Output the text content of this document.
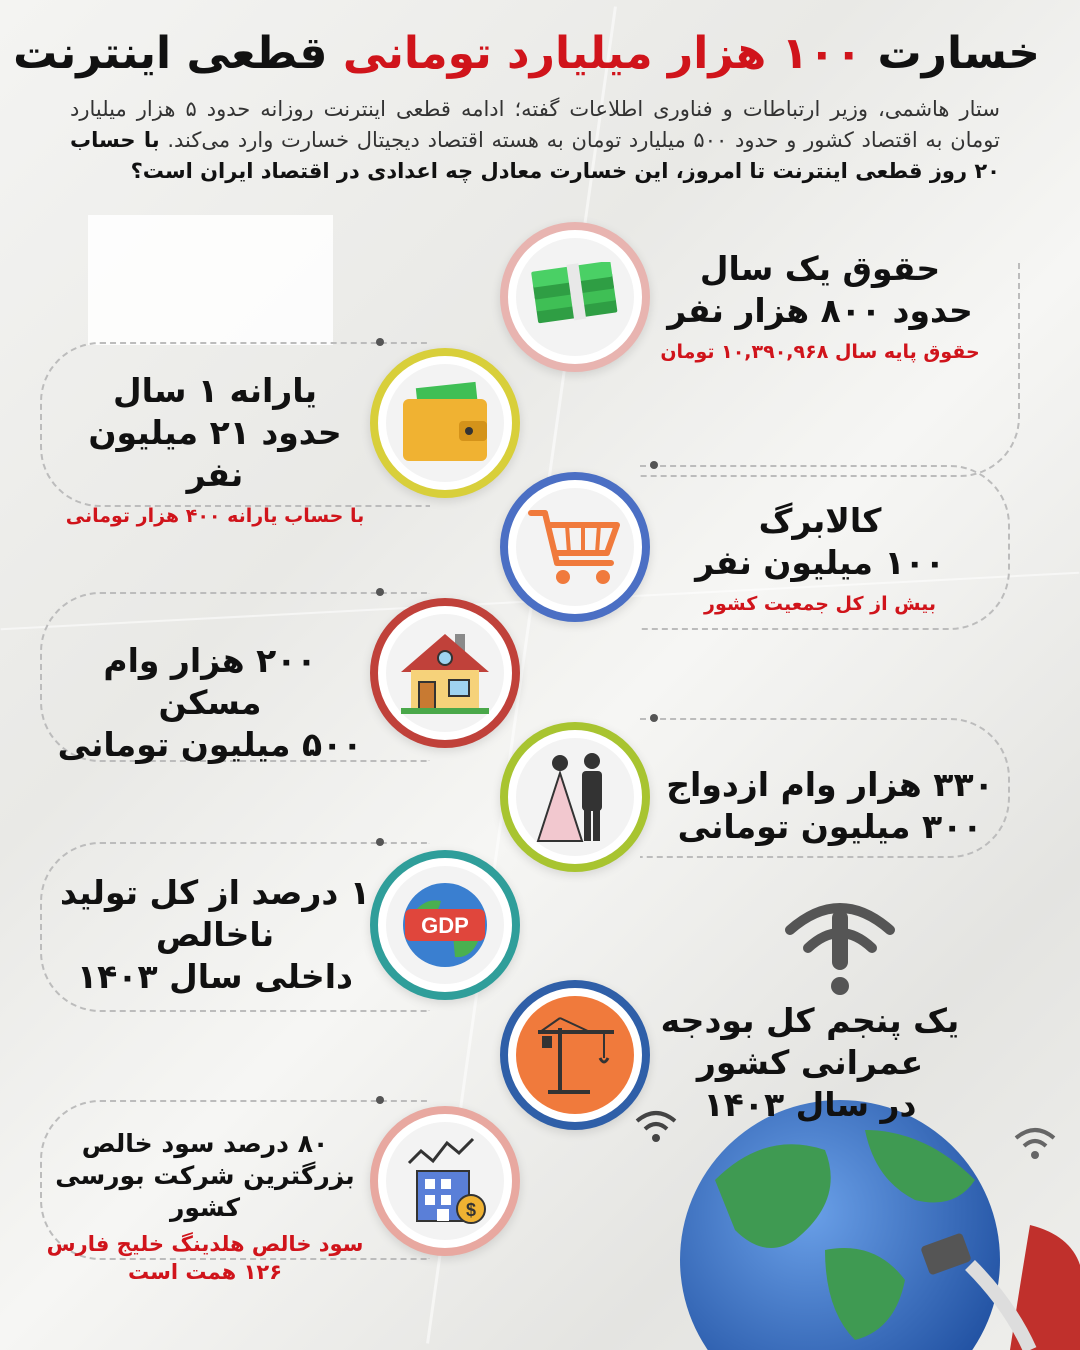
خسارت ۱۰۰ هزار میلیارد تومانی قطعی اینترنت
ستار هاشمی، وزیر ارتباطات و فناوری اطلاعات گفته؛ ادامه قطعی اینترنت روزانه حدود ۵ هزار میلیارد تومان به اقتصاد کشور و حدود ۵۰۰ میلیارد تومان به هسته اقتصاد دیجیتال خسارت وارد می‌کند. با حساب ۲۰ روز قطعی اینترنت تا امروز، این خسارت معادل چه اعدادی در اقتصاد ایران است؟
GDP
$
حقوق یک سال
حدود ۸۰۰ هزار نفر
حقوق پایه سال ۱۰,۳۹۰,۹۶۸ تومان
یارانه ۱ سال
حدود ۲۱ میلیون نفر
با حساب یارانه ۴۰۰ هزار تومانی	کالابرگ
۱۰۰ میلیون نفر
بیش از کل جمعیت کشور
۲۰۰ هزار وام مسکن
۵۰۰ میلیون تومانی
۳۳۰ هزار وام ازدواج
۳۰۰ میلیون تومانی
۱ درصد از کل تولید
ناخالص
داخلی سال ۱۴۰۳
یک پنجم کل بودجه
عمرانی کشور
در سال ۱۴۰۳
۸۰ درصد سود خالص
بزرگترین شرکت بورسی کشور
سود خالص هلدینگ خلیج فارس
۱۲۶ همت است
